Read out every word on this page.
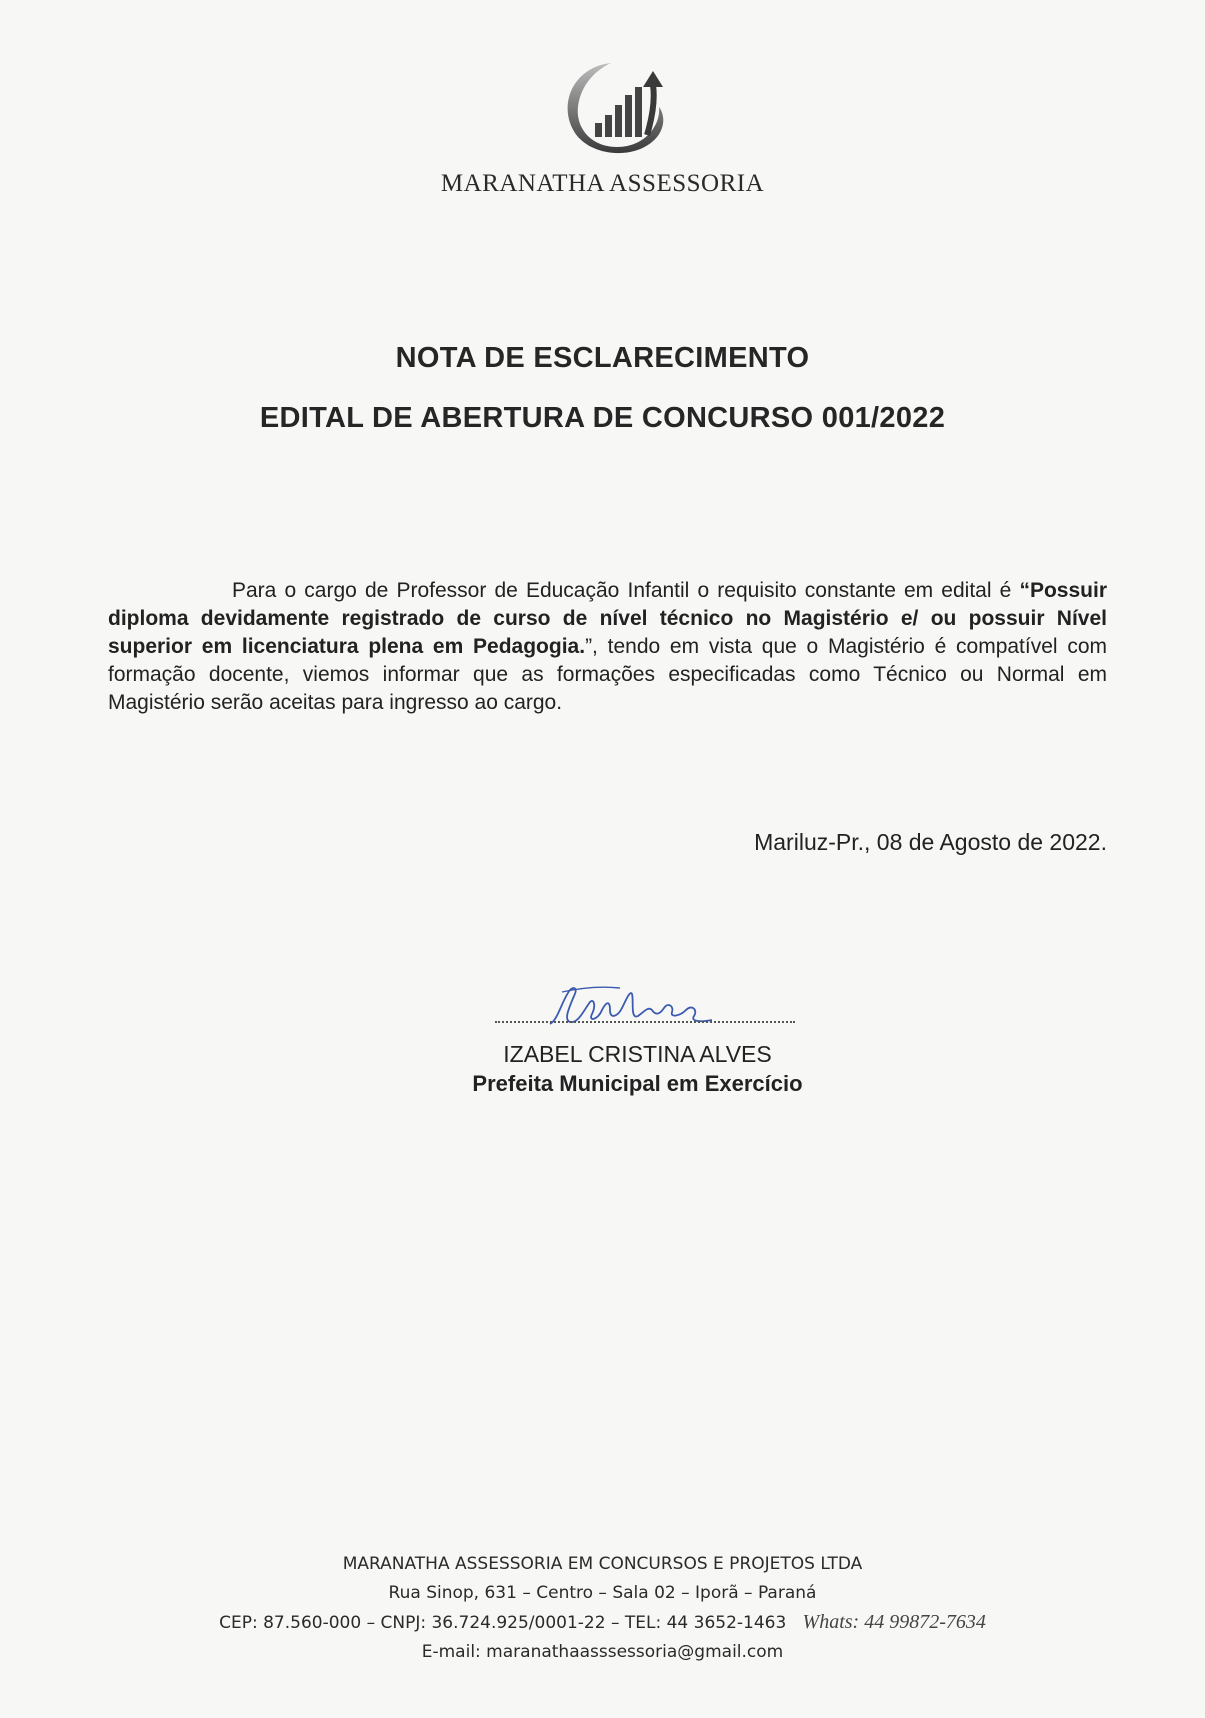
MARANATHA ASSESSORIA
NOTA DE ESCLARECIMENTO
EDITAL DE ABERTURA DE CONCURSO 001/2022
Para o cargo de Professor de Educação Infantil o requisito constante em edital é “Possuir diploma devidamente registrado de curso de nível técnico no Magistério e/ ou possuir Nível superior em licenciatura plena em Pedagogia.”, tendo em vista que o Magistério é compatível com formação docente, viemos informar que as formações especificadas como Técnico ou Normal em Magistério serão aceitas para ingresso ao cargo.
Mariluz-Pr., 08 de Agosto de 2022.
IZABEL CRISTINA ALVES
Prefeita Municipal em Exercício
MARANATHA ASSESSORIA EM CONCURSOS E PROJETOS LTDA
Rua Sinop, 631 – Centro – Sala 02 – Iporã – Paraná
CEP: 87.560-000 – CNPJ: 36.724.925/0001-22 – TEL: 44 3652-1463 Whats: 44 99872-7634
E-mail: maranathaasssessoria@gmail.com
